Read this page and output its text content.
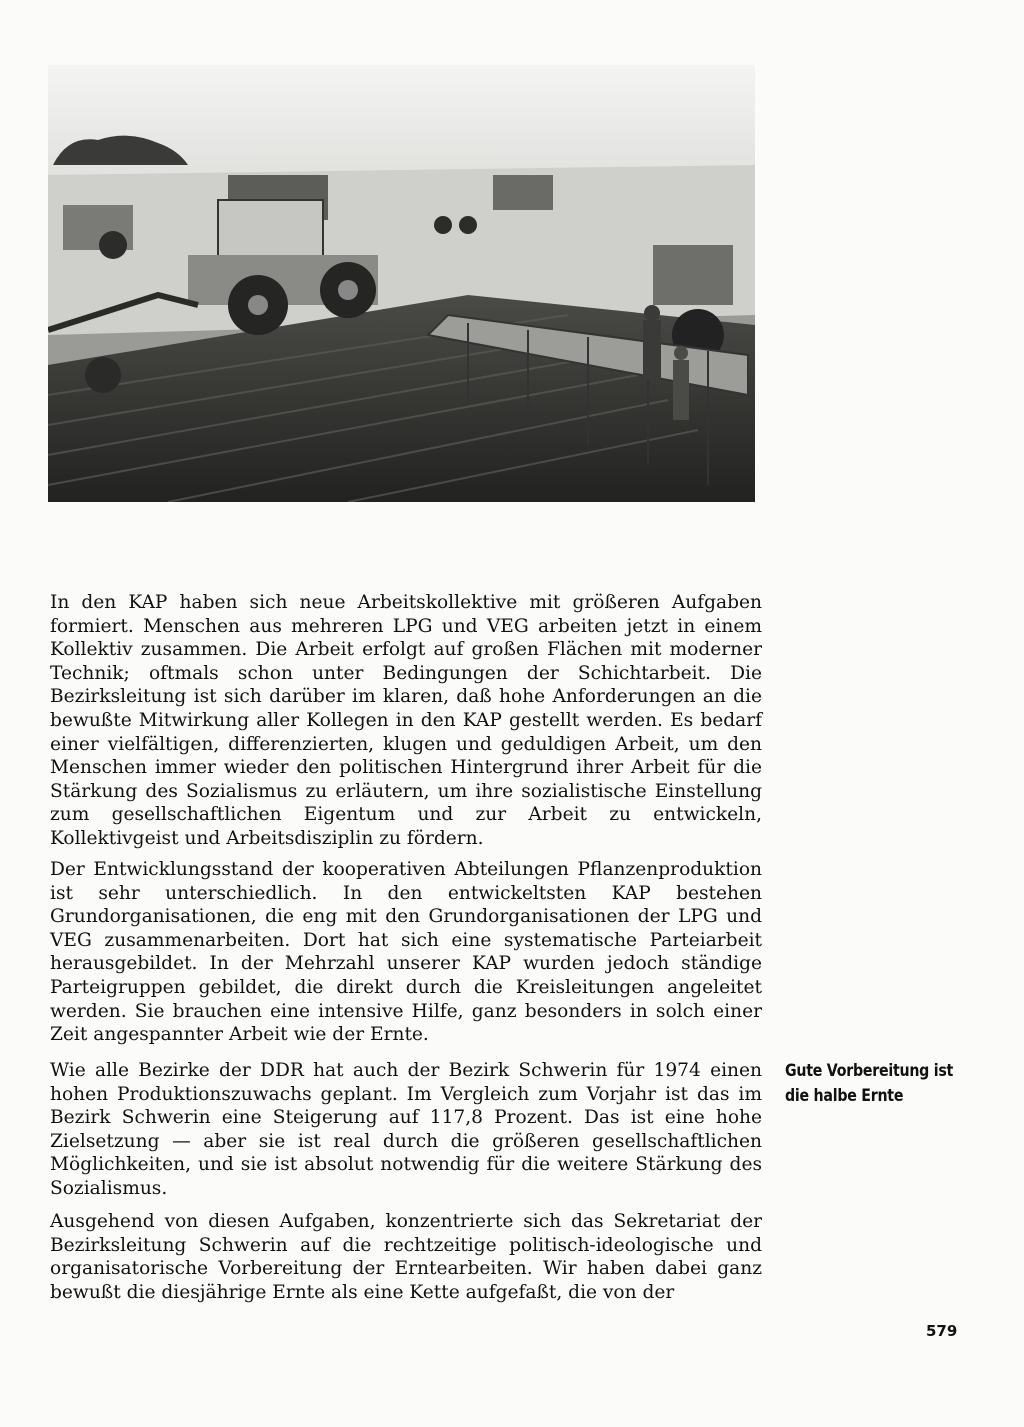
In den KAP haben sich neue Arbeitskollektive mit größeren Aufgaben formiert. Menschen aus mehreren LPG und VEG arbeiten jetzt in einem Kollektiv zusammen. Die Arbeit erfolgt auf großen Flächen mit moderner Technik; oftmals schon unter Bedingungen der Schichtarbeit. Die Bezirksleitung ist sich darüber im klaren, daß hohe Anforderungen an die bewußte Mitwirkung aller Kollegen in den KAP gestellt werden. Es bedarf einer vielfältigen, differenzierten, klugen und geduldigen Arbeit, um den Menschen immer wieder den politischen Hintergrund ihrer Arbeit für die Stärkung des Sozialismus zu erläutern, um ihre sozialistische Einstellung zum gesellschaftlichen Eigentum und zur Arbeit zu entwickeln, Kollektivgeist und Arbeitsdisziplin zu fördern.

Der Entwicklungsstand der kooperativen Abteilungen Pflanzenproduktion ist sehr unterschiedlich. In den entwickeltsten KAP bestehen Grundorganisationen, die eng mit den Grundorganisationen der LPG und VEG zusammenarbeiten. Dort hat sich eine systematische Parteiarbeit herausgebildet. In der Mehrzahl unserer KAP wurden jedoch ständige Parteigruppen gebildet, die direkt durch die Kreisleitungen angeleitet werden. Sie brauchen eine intensive Hilfe, ganz besonders in solch einer Zeit angespannter Arbeit wie der Ernte.

Wie alle Bezirke der DDR hat auch der Bezirk Schwerin für 1974 einen hohen Produktionszuwachs geplant. Im Vergleich zum Vorjahr ist das im Bezirk Schwerin eine Steigerung auf 117,8 Prozent. Das ist eine hohe Zielsetzung — aber sie ist real durch die größeren gesellschaftlichen Möglichkeiten, und sie ist absolut notwendig für die weitere Stärkung des Sozialismus.

Ausgehend von diesen Aufgaben, konzentrierte sich das Sekretariat der Bezirksleitung Schwerin auf die rechtzeitige politisch-ideologische und organisatorische Vorbereitung der Erntearbeiten. Wir haben dabei ganz bewußt die diesjährige Ernte als eine Kette aufgefaßt, die von der

Gute Vorbereitung ist
die halbe Ernte
579
